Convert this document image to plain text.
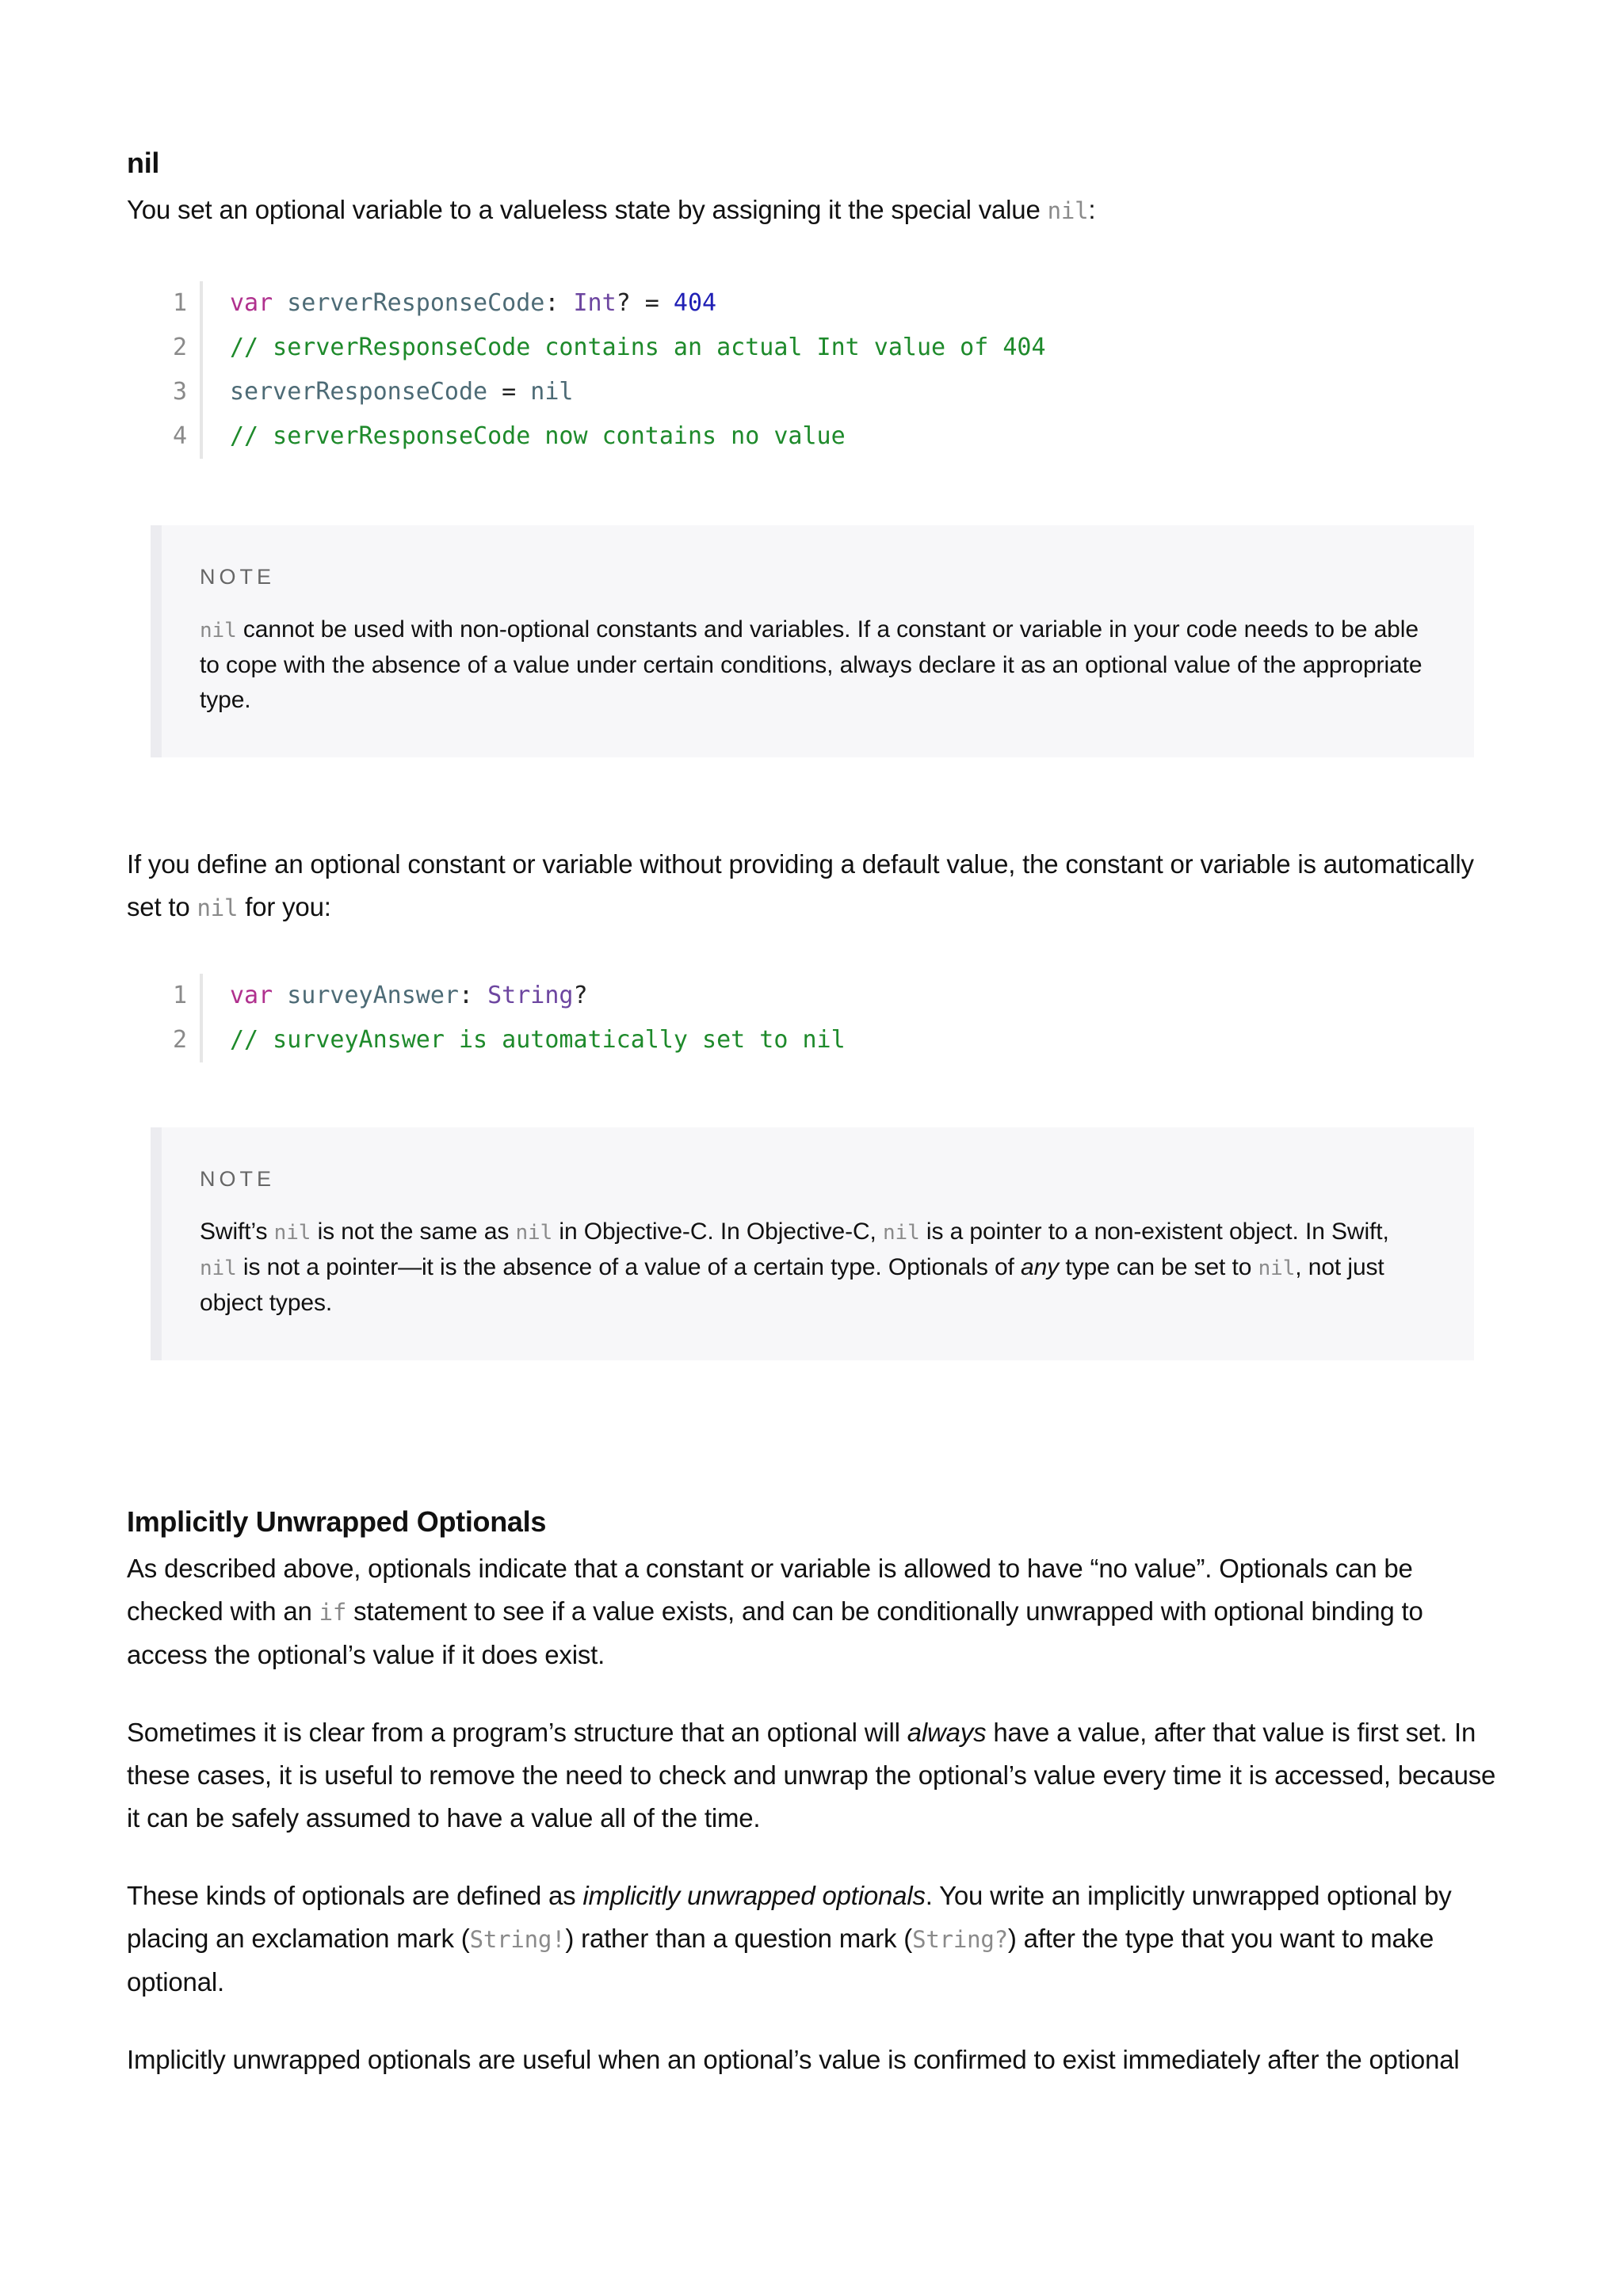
nil

You set an optional variable to a valueless state by assigning it the special value nil:

1	var serverResponseCode: Int? = 404
2	// serverResponseCode contains an actual Int value of 404
3	serverResponseCode = nil
4	// serverResponseCode now contains no value
NOTE
nil cannot be used with non-optional constants and variables. If a constant or variable in your code needs to be able to cope with the absence of a value under certain conditions, always declare it as an optional value of the appropriate type.

If you define an optional constant or variable without providing a default value, the constant or variable is automatically set to nil for you:

1	var surveyAnswer: String?
2	// surveyAnswer is automatically set to nil
NOTE
Swift’s nil is not the same as nil in Objective-C. In Objective-C, nil is a pointer to a non-existent object. In Swift, nil is not a pointer—it is the absence of a value of a certain type. Optionals of any type can be set to nil, not just object types.
Implicitly Unwrapped Optionals

As described above, optionals indicate that a constant or variable is allowed to have “no value”. Optionals can be checked with an if statement to see if a value exists, and can be conditionally unwrapped with optional binding to access the optional’s value if it does exist.

Sometimes it is clear from a program’s structure that an optional will always have a value, after that value is first set. In these cases, it is useful to remove the need to check and unwrap the optional’s value every time it is accessed, because it can be safely assumed to have a value all of the time.

These kinds of optionals are defined as implicitly unwrapped optionals. You write an implicitly unwrapped optional by placing an exclamation mark (String!) rather than a question mark (String?) after the type that you want to make optional.

Implicitly unwrapped optionals are useful when an optional’s value is confirmed to exist immediately after the optional
